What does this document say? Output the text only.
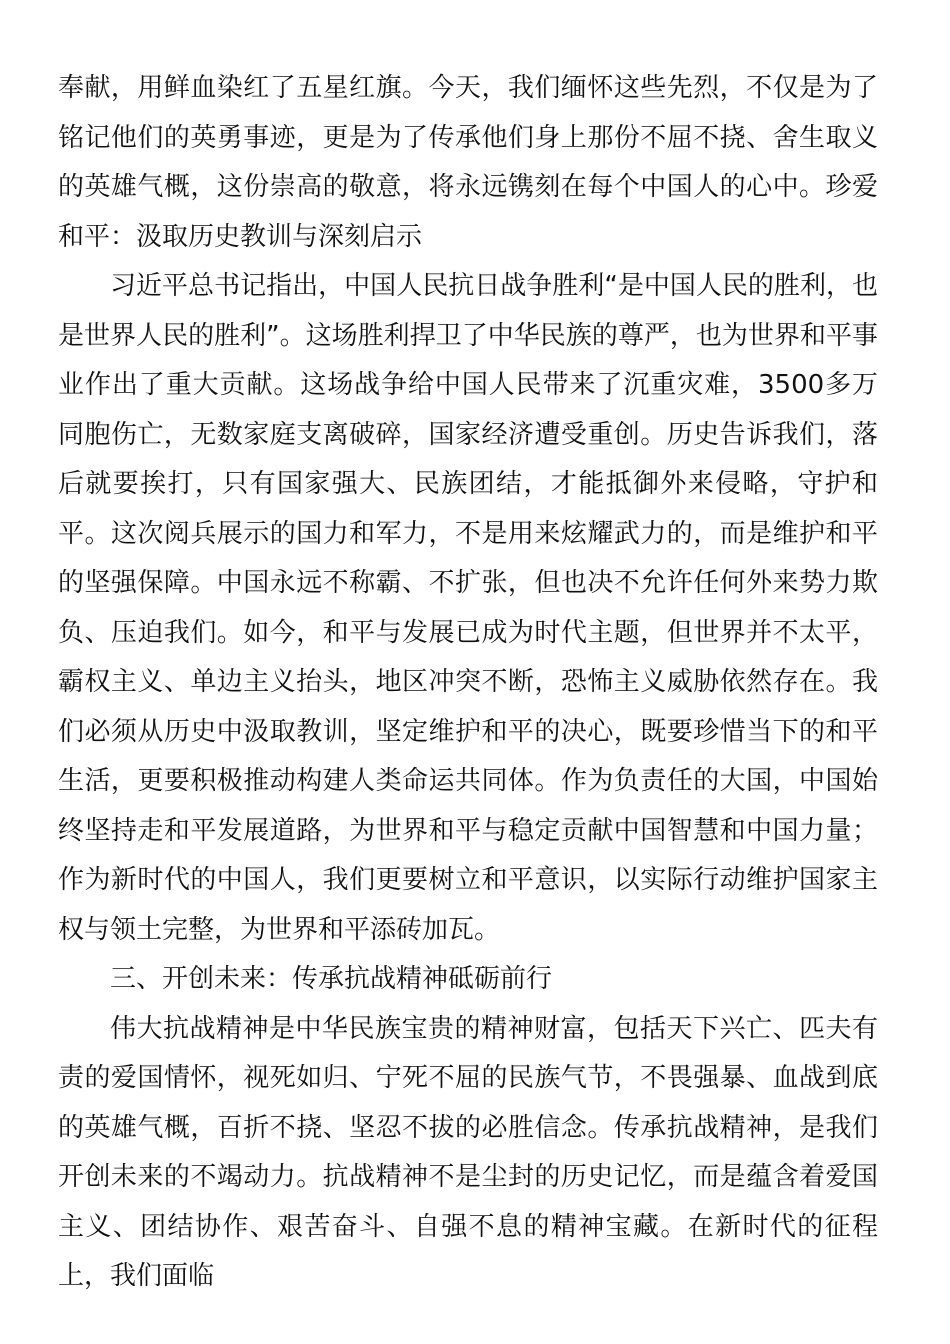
奉献，用鲜血染红了五星红旗。今天，我们缅怀这些先烈，不仅是为了铭记他们的英勇事迹，更是为了传承他们身上那份不屈不挠、舍生取义的英雄气概，这份崇高的敬意，将永远镌刻在每个中国人的心中。珍爱和平：汲取历史教训与深刻启示

习近平总书记指出，中国人民抗日战争胜利“是中国人民的胜利，也是世界人民的胜利”。这场胜利捍卫了中华民族的尊严，也为世界和平事业作出了重大贡献。这场战争给中国人民带来了沉重灾难，3500多万同胞伤亡，无数家庭支离破碎，国家经济遭受重创。历史告诉我们，落后就要挨打，只有国家强大、民族团结，才能抵御外来侵略，守护和平。这次阅兵展示的国力和军力，不是用来炫耀武力的，而是维护和平的坚强保障。中国永远不称霸、不扩张，但也决不允许任何外来势力欺负、压迫我们。如今，和平与发展已成为时代主题，但世界并不太平，霸权主义、单边主义抬头，地区冲突不断，恐怖主义威胁依然存在。我们必须从历史中汲取教训，坚定维护和平的决心，既要珍惜当下的和平生活，更要积极推动构建人类命运共同体。作为负责任的大国，中国始终坚持走和平发展道路，为世界和平与稳定贡献中国智慧和中国力量；作为新时代的中国人，我们更要树立和平意识，以实际行动维护国家主权与领土完整，为世界和平添砖加瓦。

三、开创未来：传承抗战精神砥砺前行

伟大抗战精神是中华民族宝贵的精神财富，包括天下兴亡、匹夫有责的爱国情怀，视死如归、宁死不屈的民族气节，不畏强暴、血战到底的英雄气概，百折不挠、坚忍不拔的必胜信念。传承抗战精神，是我们开创未来的不竭动力。抗战精神不是尘封的历史记忆，而是蕴含着爱国主义、团结协作、艰苦奋斗、自强不息的精神宝藏。在新时代的征程上，我们面临
